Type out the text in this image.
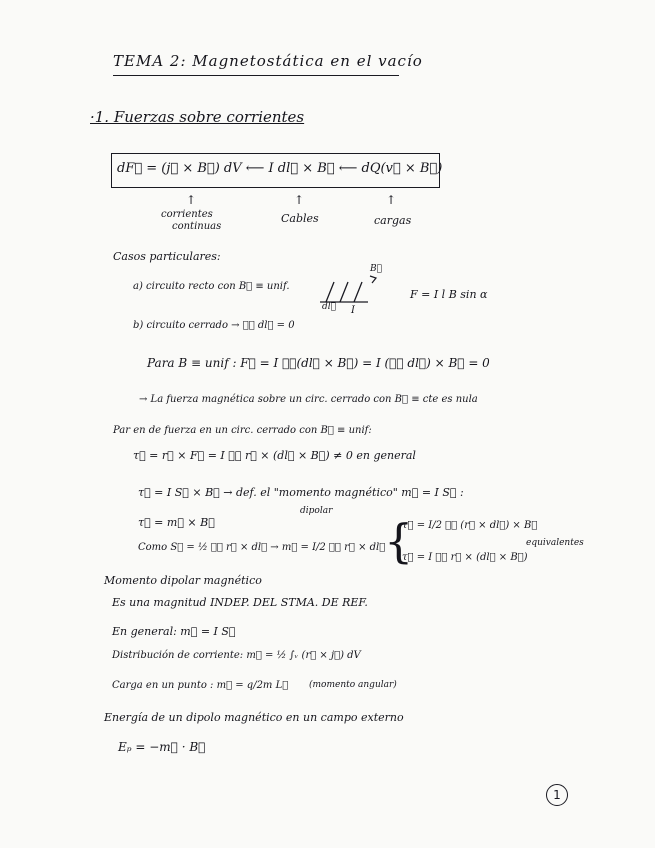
TEMA 2: Magnetostática en el vacío
·1. Fuerzas sobre corrientes
dF⃗ = (j⃗ × B⃗) dV ⟵ I dl⃗ × B⃗ ⟵ dQ(v⃗ × B⃗)
↑	↑	↑
corrientes
continuas
Cables	cargas
Casos particulares:
a) circuito recto con B⃗ ≡ unif.
B⃗
dl⃗ I
F = I l B sin α
b) circuito cerrado → ∮꜀ dl⃗ = 0
Para B ≡ unif : F⃗ = I ∮꜀(dl⃗ × B⃗) = I (∮꜀ dl⃗) × B⃗ = 0
→ La fuerza magnética sobre un circ. cerrado con B⃗ ≡ cte es nula
Par en de fuerza en un circ. cerrado con B⃗ ≡ unif:
τ⃗ = r⃗ × F⃗ = I ∮꜀ r⃗ × (dl⃗ × B⃗) ≠ 0 en general
τ⃗ = I S⃗ × B⃗ → def. el "momento magnético" m⃗ = I S⃗ :
dipolar
τ⃗ = m⃗ × B⃗
Como S⃗ = ½ ∮꜀ r⃗ × dl⃗ → m⃗ = I/2 ∮꜀ r⃗ × dl⃗
{
τ⃗ = I/2 ∮꜀ (r⃗ × dl⃗) × B⃗
τ⃗ = I ∮꜀ r⃗ × (dl⃗ × B⃗)
equivalentes
Momento dipolar magnético
Es una magnitud INDEP. DEL STMA. DE REF.
En general: m⃗ = I S⃗
Distribución de corriente: m⃗ = ½ ∫ᵥ (r⃗ × j⃗) dV
Carga en un punto : m⃗ = q/2m L⃗ (momento angular)
Energía de un dipolo magnético en un campo externo
Eₚ = −m⃗ · B⃗
1
